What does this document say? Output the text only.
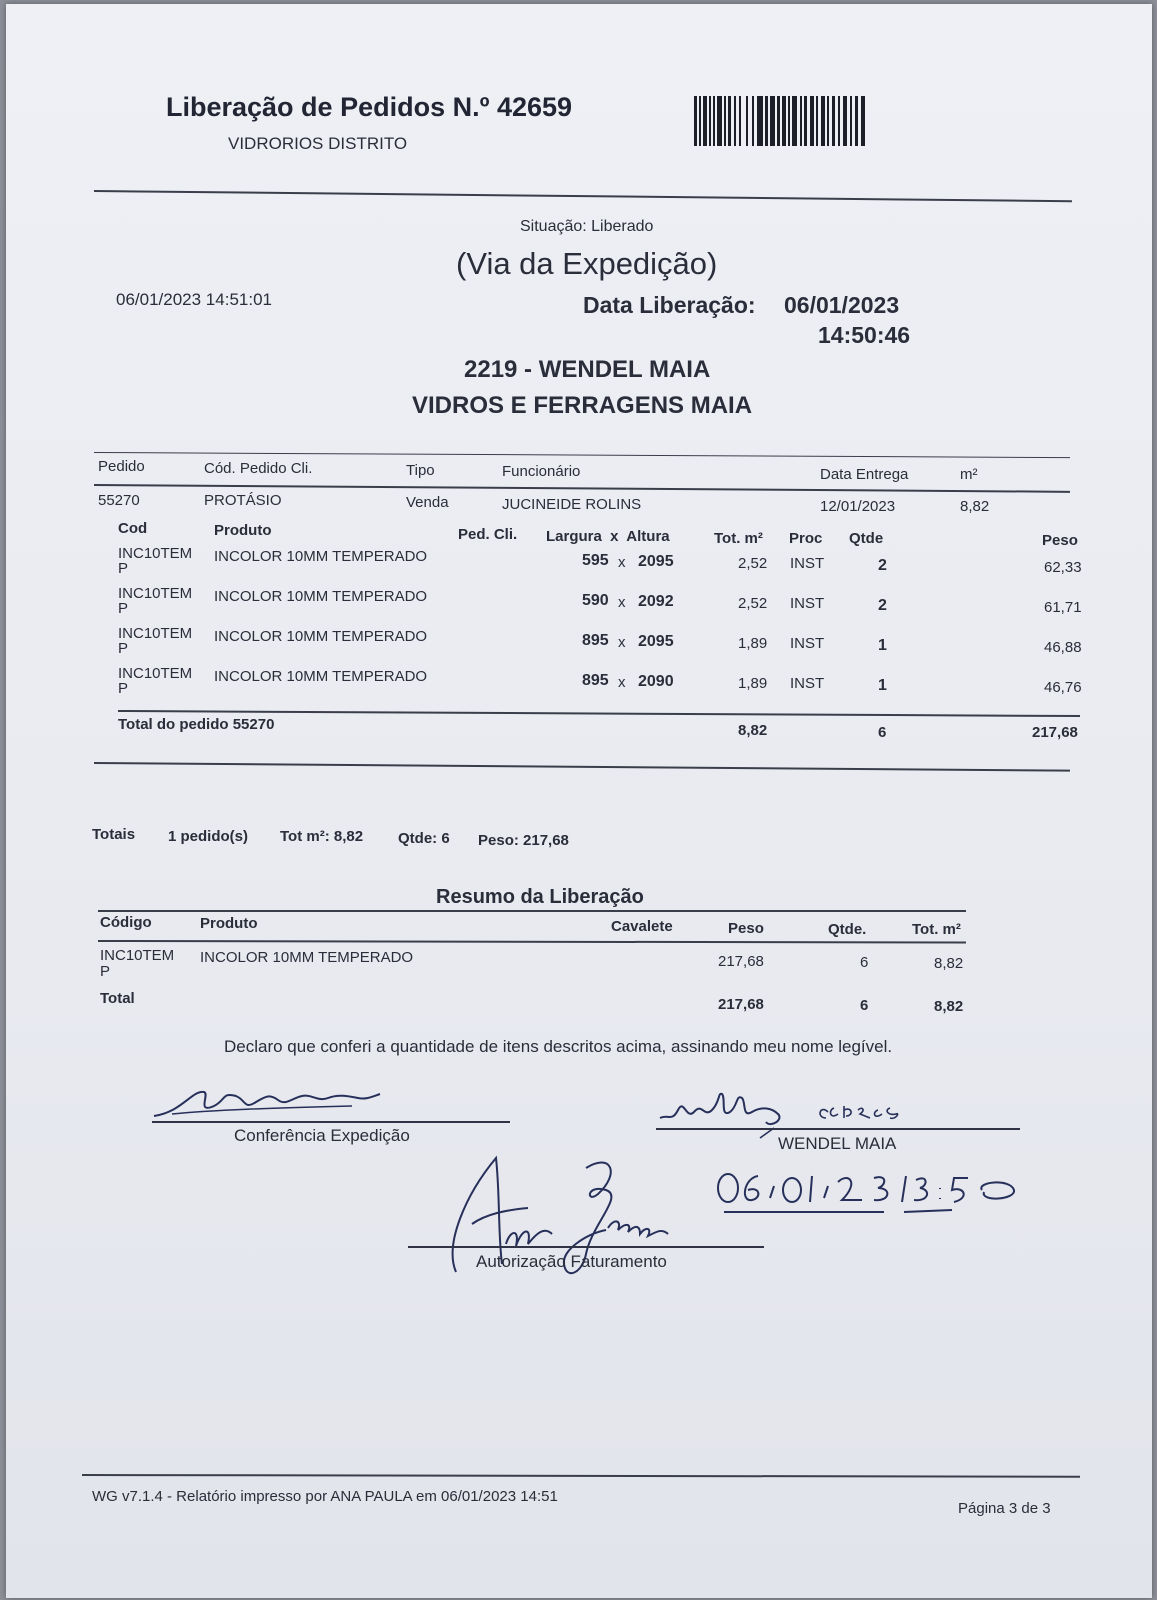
Liberação de Pedidos N.º 42659
VIDRORIOS DISTRITO
Situação: Liberado
(Via da Expedição)
06/01/2023 14:51:01	Data Liberação: 06/01/2023
14:50:46
2219 - WENDEL MAIA
VIDROS E FERRAGENS MAIA
Pedido	Cód. Pedido Cli.	Tipo	Funcionário	Data Entrega	m²
55270	PROTÁSIO	Venda	JUCINEIDE ROLINS	12/01/2023	8,82
Cod	Produto	Ped. Cli. Largura  x  Altura	Tot. m² Proc Qtde	Peso
INC10TEM
P
INCOLOR 10MM TEMPERADO	595 x 2095	2,52 INST	2	62,33
INC10TEM
P
INCOLOR 10MM TEMPERADO	590 x 2092	2,52 INST	2	61,71
INC10TEM
P
INCOLOR 10MM TEMPERADO	895 x 2095	1,89 INST	1	46,88
INC10TEM
P
INCOLOR 10MM TEMPERADO	895 x 2090	1,89 INST	1	46,76
Total do pedido 55270	8,82	6	217,68
Totais 1 pedido(s) Tot m²: 8,82 Qtde: 6 Peso: 217,68
Resumo da Liberação
Código	Produto	Cavalete	Peso	Qtde.	Tot. m²
INC10TEM
P
INCOLOR 10MM TEMPERADO	217,68	6	8,82
Total	217,68	6	8,82
Declaro que conferi a quantidade de itens descritos acima, assinando meu nome legível.
Conferência Expedição	WENDEL MAIA
Autorização Faturamento
WG v7.1.4 - Relatório impresso por ANA PAULA em 06/01/2023 14:51
Página 3 de 3
